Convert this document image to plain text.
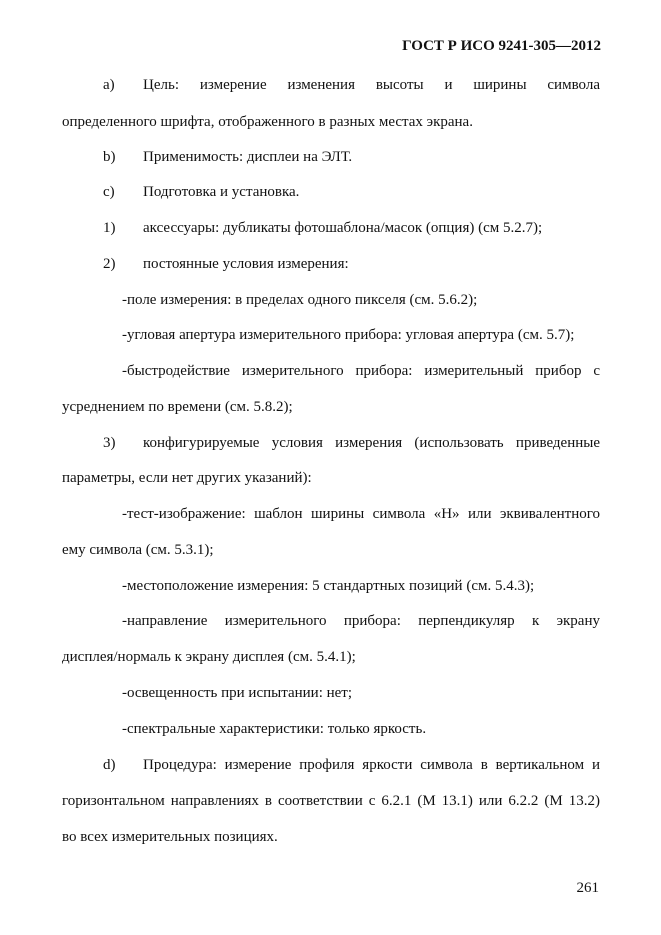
ГОСТ Р ИСО 9241-305—2012
a) Цель: измерение изменения высоты и ширины символа
определенного шрифта, отображенного в разных местах экрана.
b) Применимость: дисплеи на ЭЛТ.
c) Подготовка и установка.
1) аксессуары: дубликаты фотошаблона/масок (опция) (см 5.2.7);
2) постоянные условия измерения:
-поле измерения: в пределах одного пикселя (см. 5.6.2);
-угловая апертура измерительного прибора: угловая апертура (см. 5.7);
-быстродействие измерительного прибора: измерительный прибор с
усреднением по времени (см. 5.8.2);
3) конфигурируемые условия измерения (использовать приведенные
параметры, если нет других указаний):
-тест-изображение: шаблон ширины символа «Н» или эквивалентного
ему символа (см. 5.3.1);
-местоположение измерения: 5 стандартных позиций (см. 5.4.3);
-направление измерительного прибора: перпендикуляр к экрану
дисплея/нормаль к экрану дисплея (см. 5.4.1);
-освещенность при испытании: нет;
-спектральные характеристики: только яркость.
d) Процедура: измерение профиля яркости символа в вертикальном и
горизонтальном направлениях в соответствии с 6.2.1 (М 13.1) или 6.2.2 (М 13.2)
во всех измерительных позициях.
261
